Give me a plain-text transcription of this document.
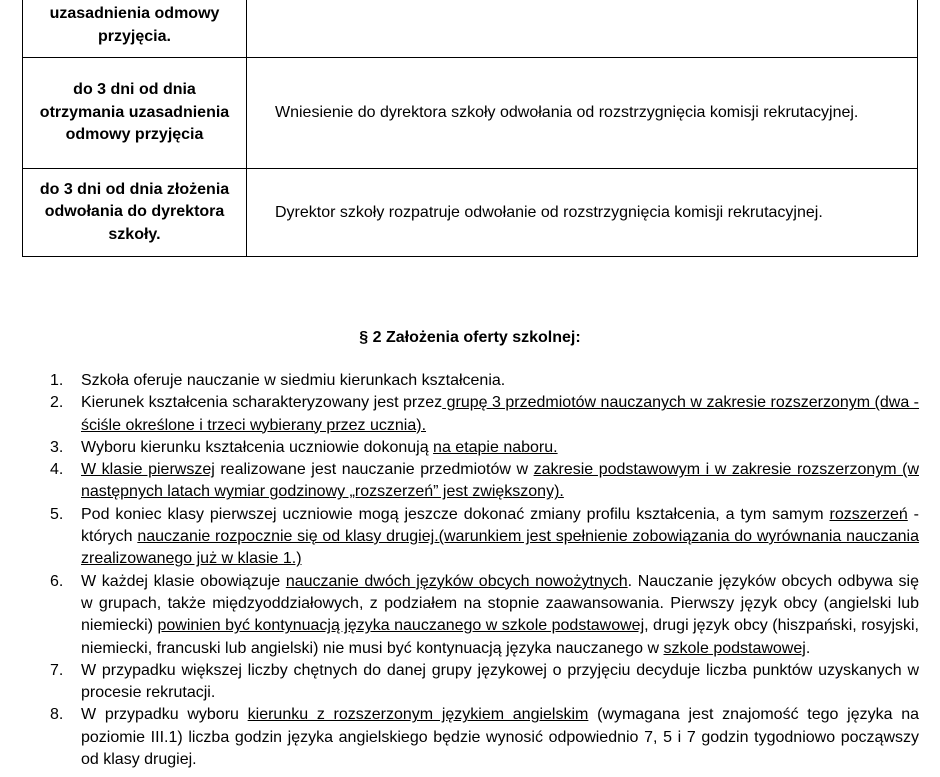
uzasadnienia odmowy przyjęcia.	
do 3 dni od dnia otrzymania uzasadnienia odmowy przyjęcia	Wniesienie do dyrektora szkoły odwołania od rozstrzygnięcia komisji rekrutacyjnej.
do 3 dni od dnia złożenia odwołania do dyrektora szkoły.	Dyrektor szkoły rozpatruje odwołanie od rozstrzygnięcia komisji rekrutacyjnej.
§ 2 Założenia oferty szkolnej:
1. Szkoła oferuje nauczanie w siedmiu kierunkach kształcenia.
2. Kierunek kształcenia scharakteryzowany jest przez grupę 3 przedmiotów nauczanych w zakresie rozszerzonym (dwa - ściśle określone i trzeci wybierany przez ucznia).
3. Wyboru kierunku kształcenia uczniowie dokonują na etapie naboru.
4. W klasie pierwszej realizowane jest nauczanie przedmiotów w zakresie podstawowym i w zakresie rozszerzonym (w następnych latach wymiar godzinowy „rozszerzeń” jest zwiększony).
5. Pod koniec klasy pierwszej uczniowie mogą jeszcze dokonać zmiany profilu kształcenia, a tym samym rozszerzeń - których nauczanie rozpocznie się od klasy drugiej.(warunkiem jest spełnienie zobowiązania do wyrównania nauczania zrealizowanego już w klasie 1.)
6. W każdej klasie obowiązuje nauczanie dwóch języków obcych nowożytnych. Nauczanie języków obcych odbywa się w grupach, także międzyoddziałowych, z podziałem na stopnie zaawansowania. Pierwszy język obcy (angielski lub niemiecki) powinien być kontynuacją języka nauczanego w szkole podstawowej, drugi język obcy (hiszpański, rosyjski, niemiecki, francuski lub angielski) nie musi być kontynuacją języka nauczanego w szkole podstawowej.
7. W przypadku większej liczby chętnych do danej grupy językowej o przyjęciu decyduje liczba punktów uzyskanych w procesie rekrutacji.
8. W przypadku wyboru kierunku z rozszerzonym językiem angielskim (wymagana jest znajomość tego języka na poziomie III.1) liczba godzin języka angielskiego będzie wynosić odpowiednio 7, 5 i 7 godzin tygodniowo począwszy od klasy drugiej.
